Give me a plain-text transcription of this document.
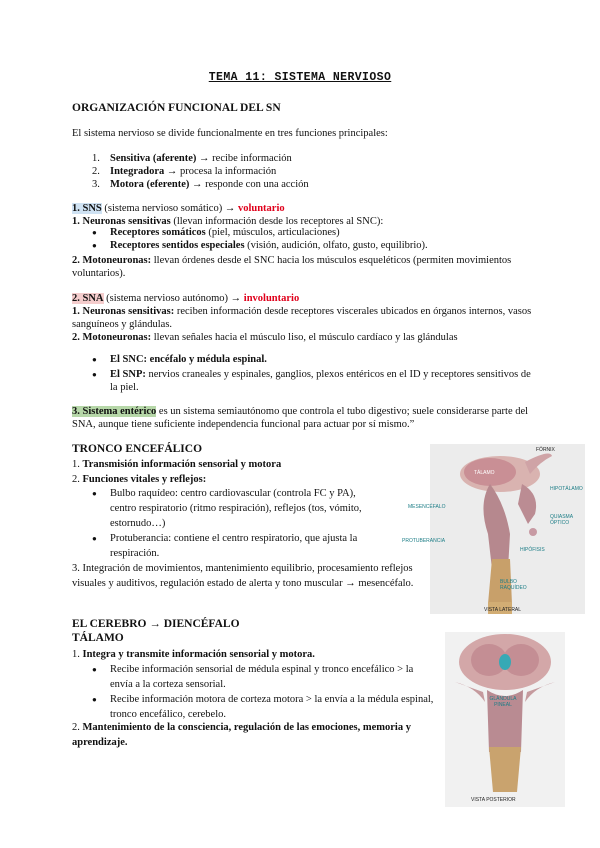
TEMA 11: SISTEMA NERVIOSO
ORGANIZACIÓN FUNCIONAL DEL SN
El sistema nervioso se divide funcionalmente en tres funciones principales:
1. Sensitiva (aferente) → recibe información
2. Integradora → procesa la información
3. Motora (eferente) → responde con una acción
1. SNS (sistema nervioso somático) → voluntario
1. Neuronas sensitivas (llevan información desde los receptores al SNC):
● Receptores somáticos (piel, músculos, articulaciones)
● Receptores sentidos especiales (visión, audición, olfato, gusto, equilibrio).
2. Motoneuronas: llevan órdenes desde el SNC hacia los músculos esqueléticos (permiten movimientos voluntarios).
2. SNA (sistema nervioso autónomo) → involuntario
1. Neuronas sensitivas: reciben información desde receptores viscerales ubicados en órganos internos, vasos sanguíneos y glándulas.
2. Motoneuronas: llevan señales hacia el músculo liso, el músculo cardíaco y las glándulas
● El SNC: encéfalo y médula espinal.
● El SNP: nervios craneales y espinales, ganglios, plexos entéricos en el ID y receptores sensitivos de la piel.
3. Sistema entérico es un sistema semiautónomo que controla el tubo digestivo; suele considerarse parte del SNA, aunque tiene suficiente independencia funcional para actuar por sí mismo.”
TRONCO ENCEFÁLICO
1. Transmisión información sensorial y motora
2. Funciones vitales y reflejos:
● Bulbo raquídeo: centro cardiovascular (controla FC y PA), centro respiratorio (ritmo respiración), reflejos (tos, vómito, estornudo…)
● Protuberancia: contiene el centro respiratorio, que ajusta la respiración.
3. Integración de movimientos, mantenimiento equilibrio, procesamiento reflejos visuales y auditivos, regulación estado de alerta y tono muscular → mesencéfalo.
FÓRNIX
TÁLAMO
HIPOTÁLAMO
MESENCÉFALO
QUIASMA ÓPTICO
PROTUBERANCIA
HIPÓFISIS
BULBO RAQUÍDEO
VISTA LATERAL
EL CEREBRO → DIENCÉFALO
TÁLAMO
1. Integra y transmite información sensorial y motora.
● Recibe información sensorial de médula espinal y tronco encefálico > la envía a la corteza sensorial.
● Recibe información motora de corteza motora > la envía a la médula espinal, tronco encefálico, cerebelo.
2. Mantenimiento de la consciencia, regulación de las emociones, memoria y aprendizaje.
GLÁNDULA PINEAL
VISTA POSTERIOR
